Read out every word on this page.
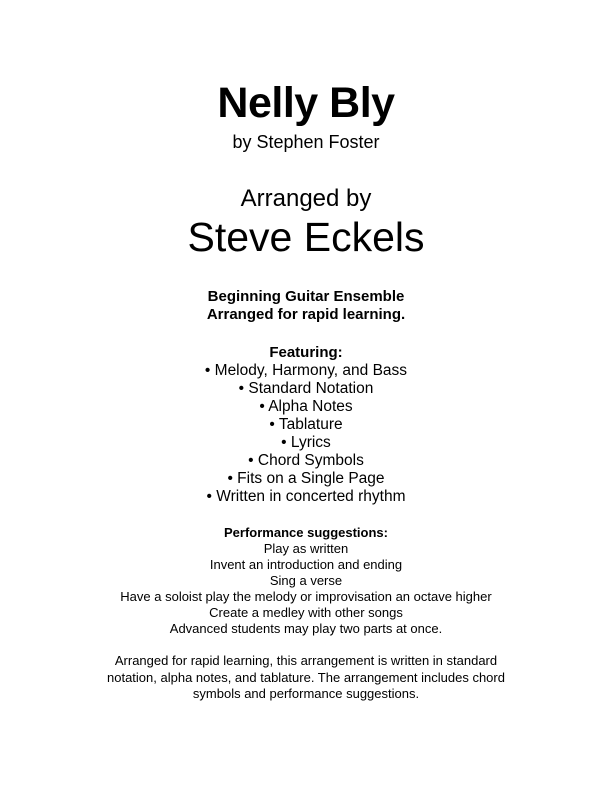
Nelly Bly
by Stephen Foster
Arranged by
Steve Eckels
Beginning Guitar Ensemble
Arranged for rapid learning.
Featuring:
• Melody, Harmony, and Bass
• Standard Notation
• Alpha Notes
• Tablature
• Lyrics
• Chord Symbols
• Fits on a Single Page
• Written in concerted rhythm
Performance suggestions:
Play as written
Invent an introduction and ending
Sing a verse
Have a soloist play the melody or improvisation an octave higher
Create a medley with other songs
Advanced students may play two parts at once.
Arranged for rapid learning, this arrangement is written in standard
notation, alpha notes, and tablature. The arrangement includes chord
symbols and performance suggestions.
